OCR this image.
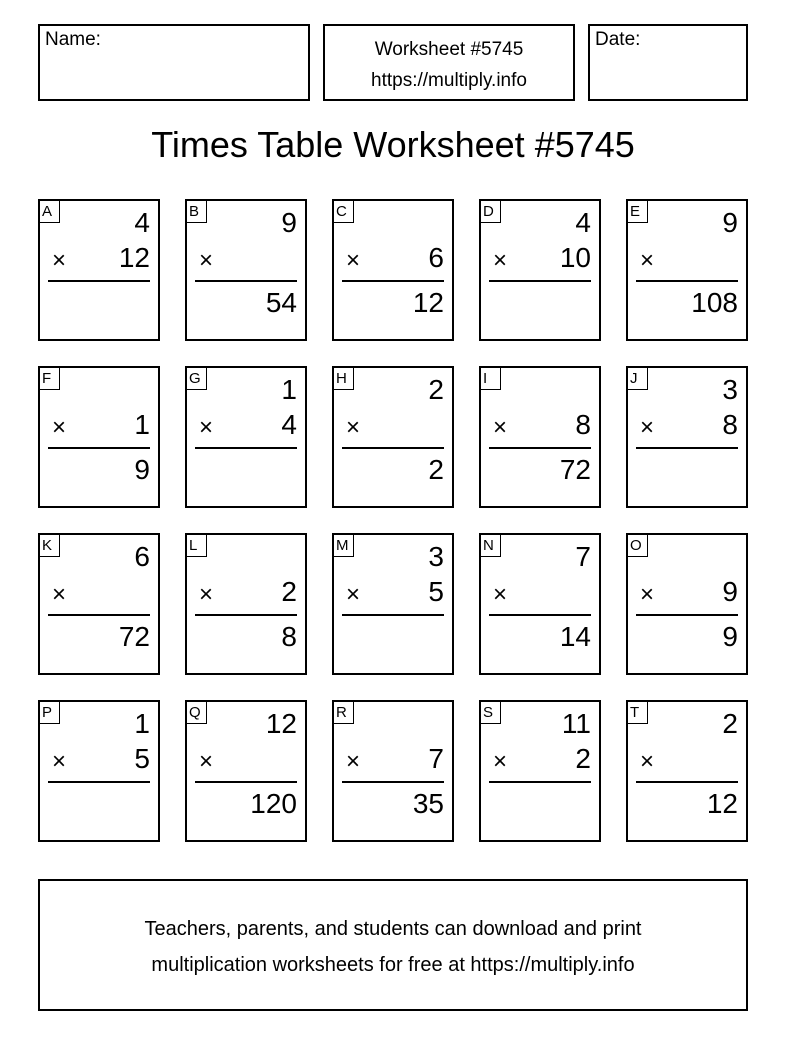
Name:	Worksheet #5745
https://multiply.info
Date:
Times Table Worksheet #5745
A	4
× 12
B	9
×
54
C
× 6
12
D	4
× 10
E	9
×
108
F
× 1
9
G	1
× 4
H	2
×
2
I
× 8
72
J	3
× 8
K	6
×
72
L
× 2
8
M	3
× 5
N	7
×
14
O
× 9
9
P	1
× 5
Q 12
×
120
R
× 7
35
S 11
× 2
T	2
×
12
Teachers, parents, and students can download and print
multiplication worksheets for free at https://multiply.info
